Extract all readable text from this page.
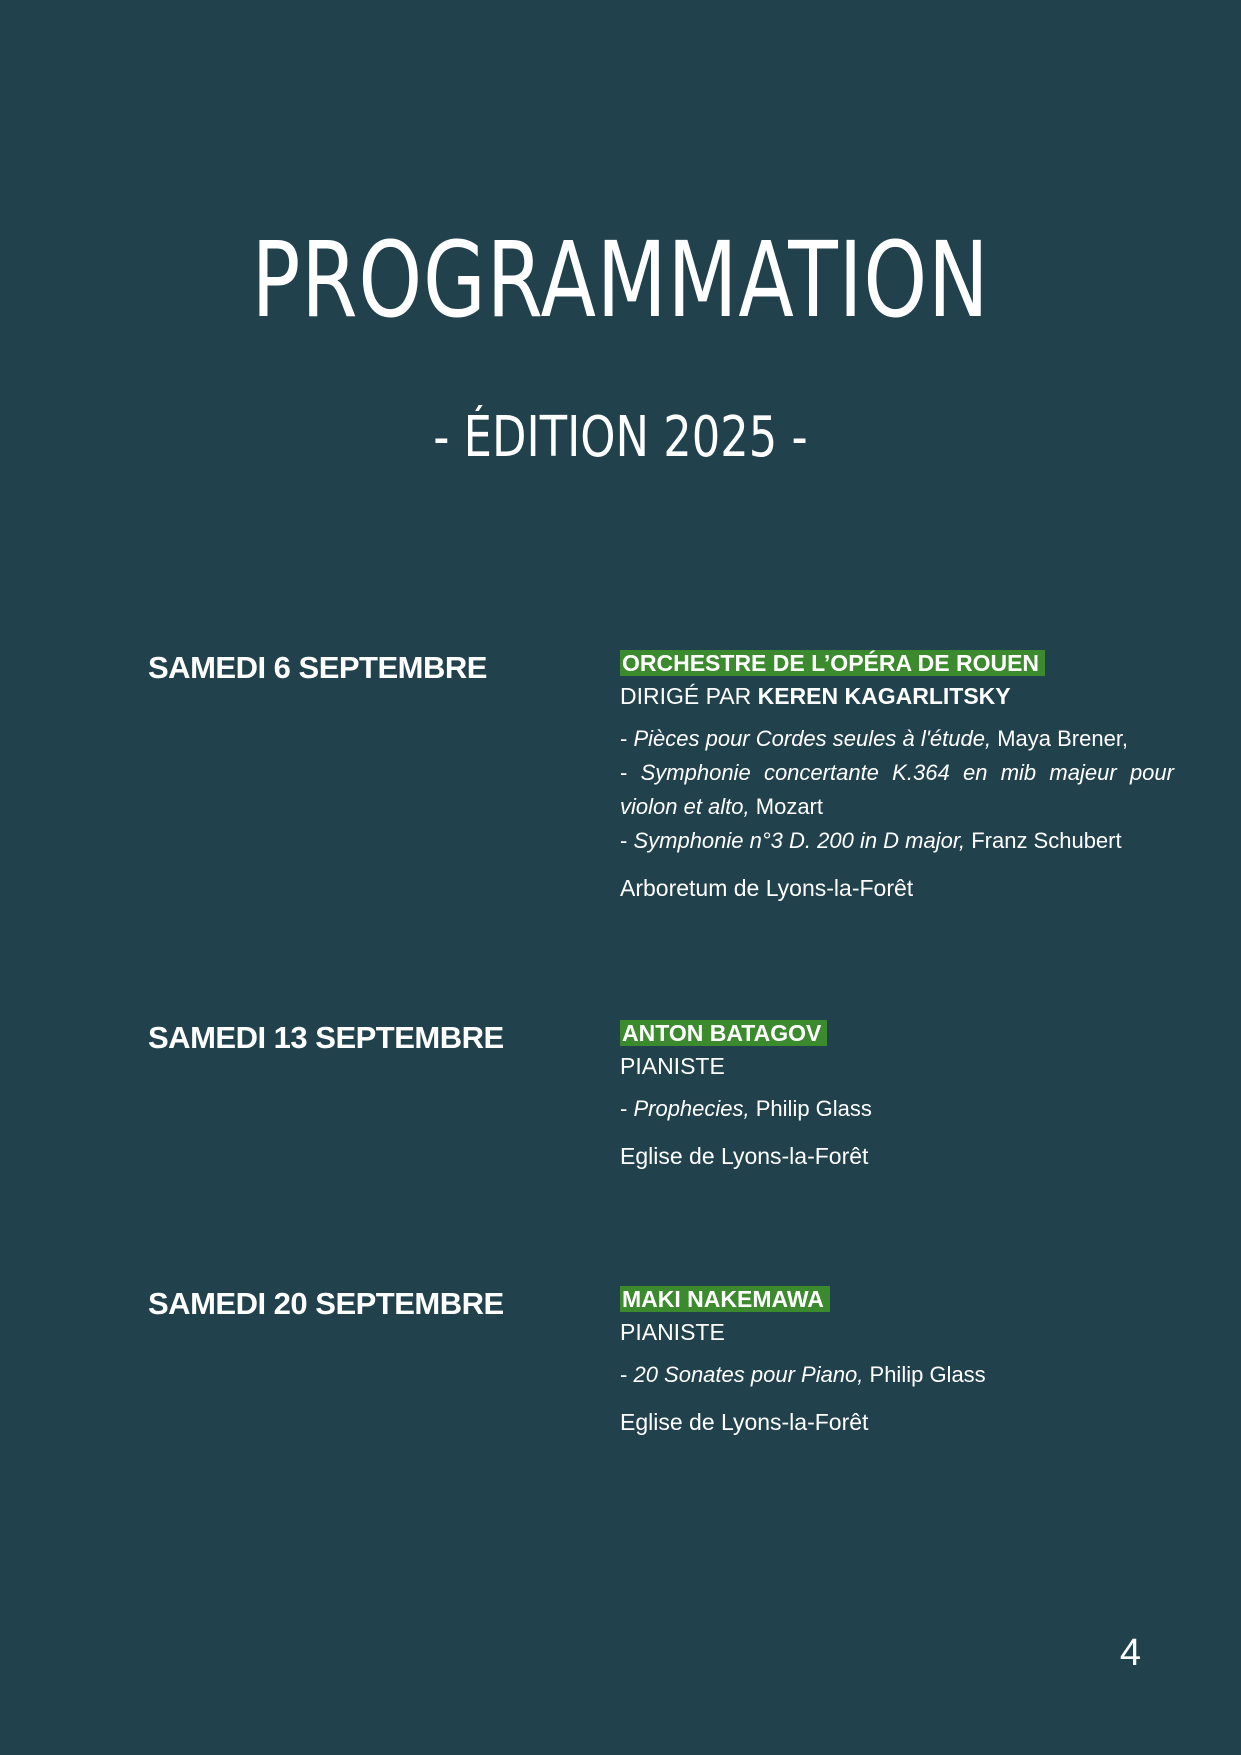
PROGRAMMATION
- ÉDITION 2025 -
SAMEDI 6 SEPTEMBRE	ORCHESTRE DE L’OPÉRA DE ROUEN
DIRIGÉ PAR KEREN KAGARLITSKY
- Pièces pour Cordes seules à l'étude, Maya Brener,
- Symphonie concertante K.364 en mib majeur pour violon et alto, Mozart
- Symphonie n°3 D. 200 in D major, Franz Schubert
Arboretum de Lyons-la-Forêt
SAMEDI 13 SEPTEMBRE	ANTON BATAGOV
PIANISTE
- Prophecies, Philip Glass
Eglise de Lyons-la-Forêt
SAMEDI 20 SEPTEMBRE	MAKI NAKEMAWA
PIANISTE
- 20 Sonates pour Piano, Philip Glass
Eglise de Lyons-la-Forêt
4
